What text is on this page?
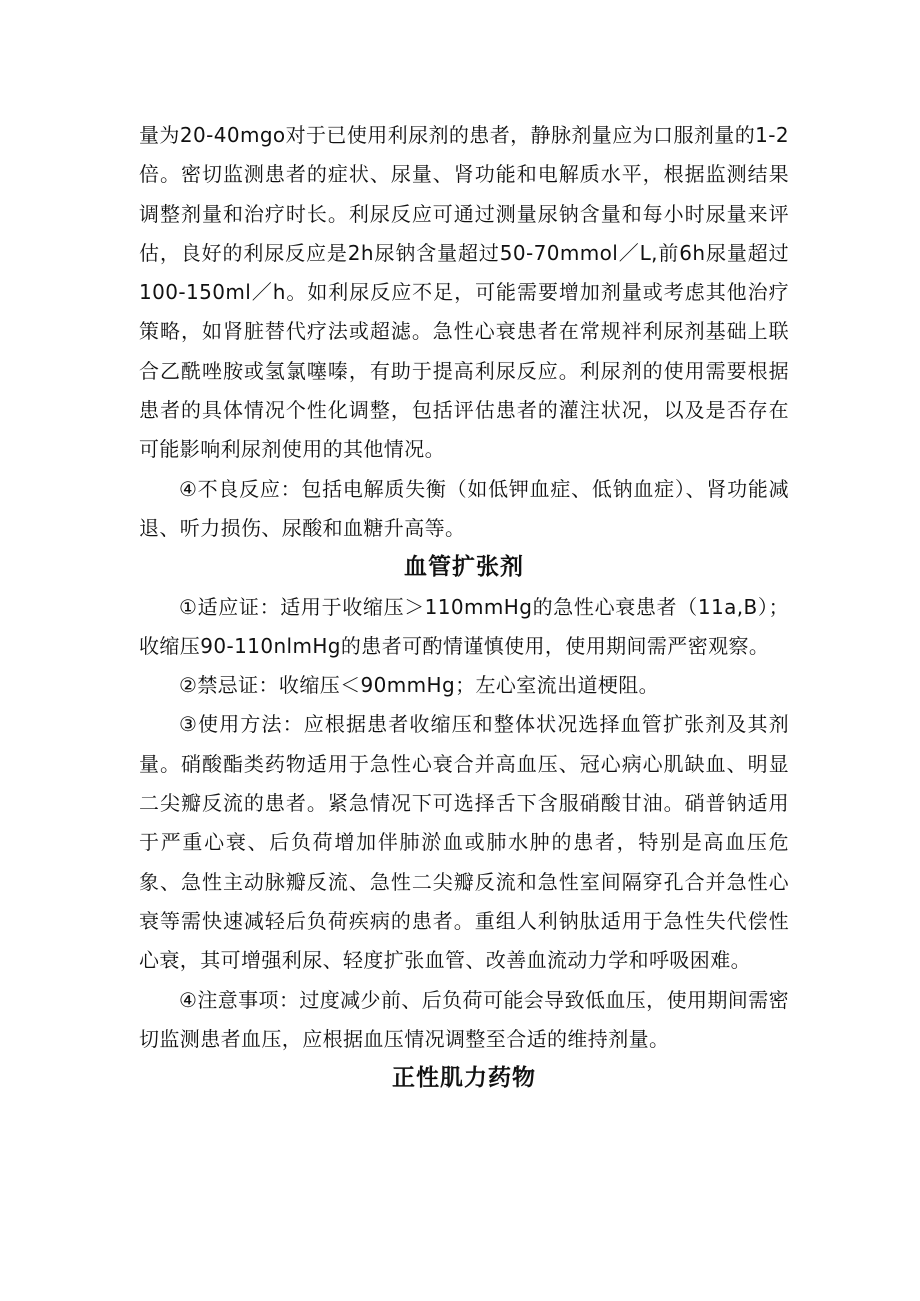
量为20-40mgo对于已使用利尿剂的患者，静脉剂量应为口服剂量的1-2倍。密切监测患者的症状、尿量、肾功能和电解质水平，根据监测结果调整剂量和治疗时长。利尿反应可通过测量尿钠含量和每小时尿量来评估，良好的利尿反应是2h尿钠含量超过50-70mmol／L,前6h尿量超过100-150ml／h。如利尿反应不足，可能需要增加剂量或考虑其他治疗策略，如肾脏替代疗法或超滤。急性心衰患者在常规袢利尿剂基础上联合乙酰唑胺或氢氯噻嗪，有助于提高利尿反应。利尿剂的使用需要根据患者的具体情况个性化调整，包括评估患者的灌注状况，以及是否存在可能影响利尿剂使用的其他情况。

④不良反应：包括电解质失衡（如低钾血症、低钠血症）、肾功能减退、听力损伤、尿酸和血糖升高等。

血管扩张剂

①适应证：适用于收缩压＞110mmHg的急性心衰患者（11a,B）；收缩压90-110nlmHg的患者可酌情谨慎使用，使用期间需严密观察。

②禁忌证：收缩压＜90mmHg；左心室流出道梗阻。

③使用方法：应根据患者收缩压和整体状况选择血管扩张剂及其剂量。硝酸酯类药物适用于急性心衰合并高血压、冠心病心肌缺血、明显二尖瓣反流的患者。紧急情况下可选择舌下含服硝酸甘油。硝普钠适用于严重心衰、后负荷增加伴肺淤血或肺水肿的患者，特别是高血压危象、急性主动脉瓣反流、急性二尖瓣反流和急性室间隔穿孔合并急性心衰等需快速减轻后负荷疾病的患者。重组人利钠肽适用于急性失代偿性心衰，其可增强利尿、轻度扩张血管、改善血流动力学和呼吸困难。

④注意事项：过度减少前、后负荷可能会导致低血压，使用期间需密切监测患者血压，应根据血压情况调整至合适的维持剂量。

正性肌力药物
